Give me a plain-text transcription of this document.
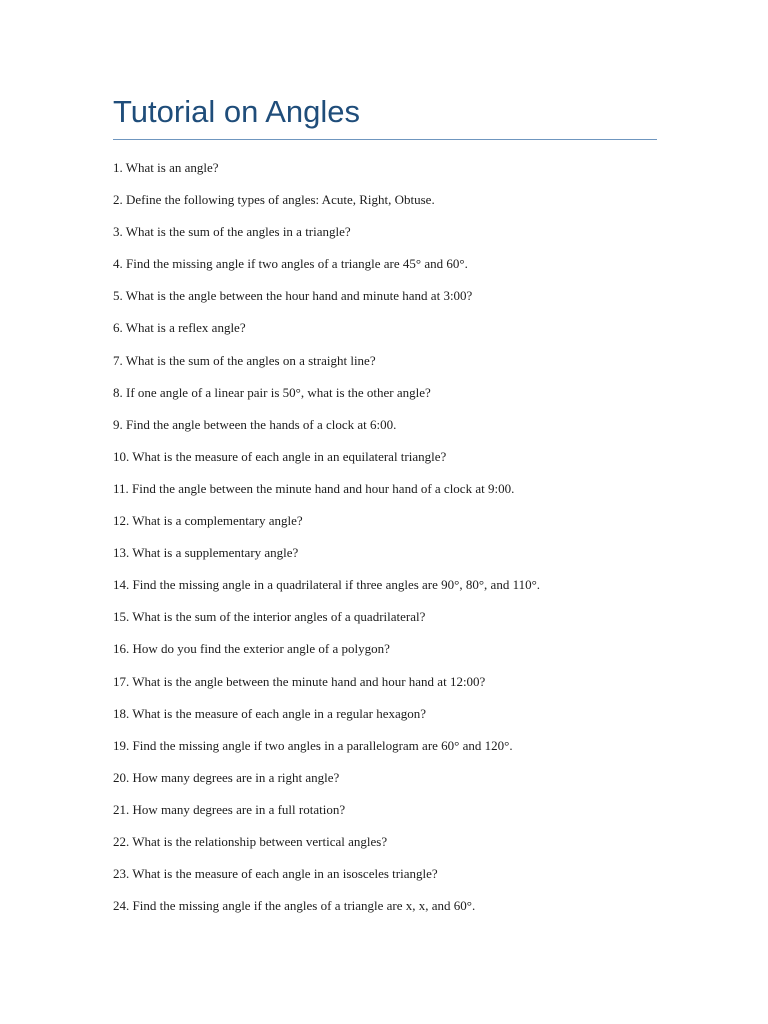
Tutorial on Angles
1. What is an angle?
2. Define the following types of angles: Acute, Right, Obtuse.
3. What is the sum of the angles in a triangle?
4. Find the missing angle if two angles of a triangle are 45° and 60°.
5. What is the angle between the hour hand and minute hand at 3:00?
6. What is a reflex angle?
7. What is the sum of the angles on a straight line?
8. If one angle of a linear pair is 50°, what is the other angle?
9. Find the angle between the hands of a clock at 6:00.
10. What is the measure of each angle in an equilateral triangle?
11. Find the angle between the minute hand and hour hand of a clock at 9:00.
12. What is a complementary angle?
13. What is a supplementary angle?
14. Find the missing angle in a quadrilateral if three angles are 90°, 80°, and 110°.
15. What is the sum of the interior angles of a quadrilateral?
16. How do you find the exterior angle of a polygon?
17. What is the angle between the minute hand and hour hand at 12:00?
18. What is the measure of each angle in a regular hexagon?
19. Find the missing angle if two angles in a parallelogram are 60° and 120°.
20. How many degrees are in a right angle?
21. How many degrees are in a full rotation?
22. What is the relationship between vertical angles?
23. What is the measure of each angle in an isosceles triangle?
24. Find the missing angle if the angles of a triangle are x, x, and 60°.
